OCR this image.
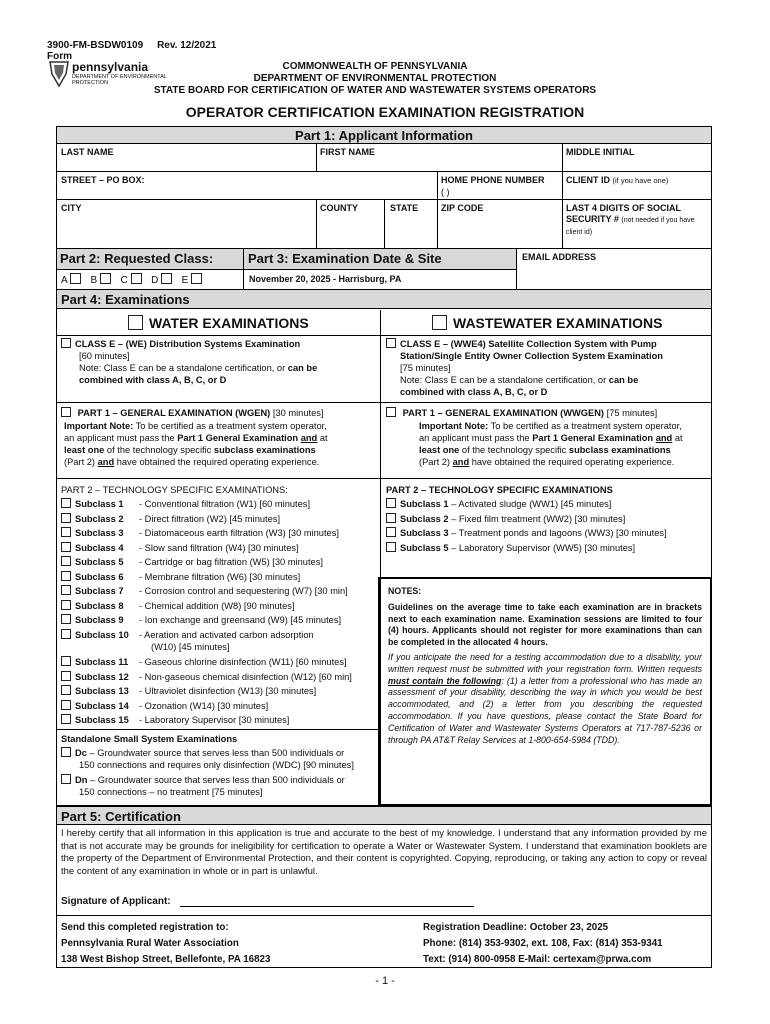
3900-FM-BSDW0109 Rev. 12/2021
Form
pennsylvania
DEPARTMENT OF ENVIRONMENTAL
PROTECTION
COMMONWEALTH OF PENNSYLVANIA
DEPARTMENT OF ENVIRONMENTAL PROTECTION
STATE BOARD FOR CERTIFICATION OF WATER AND WASTEWATER SYSTEMS OPERATORS
OPERATOR CERTIFICATION EXAMINATION REGISTRATION
Part 1: Applicant Information
LAST NAME	FIRST NAME	MIDDLE INITIAL
STREET – PO BOX:	HOME PHONE NUMBER
( )
CLIENT ID (if you have one)
CITY	COUNTY	STATE	ZIP CODE	LAST 4 DIGITS OF SOCIAL SECURITY # (not needed if you have client id)
Part 2: Requested Class:	Part 3: Examination Date & Site
A B C D E	November 20, 2025 - Harrisburg, PA
EMAIL ADDRESS
Part 4: Examinations
WATER EXAMINATIONS	WASTEWATER EXAMINATIONS
CLASS E – (WE) Distribution Systems Examination
[60 minutes]
Note: Class E can be a standalone certification, or can be
combined with class A, B, C, or D
CLASS E – (WWE4) Satellite Collection System with Pump
Station/Single Entity Owner Collection System Examination
[75 minutes]
Note: Class E can be a standalone certification, or can be
combined with class A, B, C, or D
PART 1 – GENERAL EXAMINATION (WGEN) [30 minutes]
Important Note: To be certified as a treatment system operator,
an applicant must pass the Part 1 General Examination and at
least one of the technology specific subclass examinations
(Part 2) and have obtained the required operating experience.
PART 1 – GENERAL EXAMINATION (WWGEN) [75 minutes]
Important Note: To be certified as a treatment system operator,
an applicant must pass the Part 1 General Examination and at
least one of the technology specific subclass examinations
(Part 2) and have obtained the required operating experience.
PART 2 – TECHNOLOGY SPECIFIC EXAMINATIONS:
Subclass 1 - Conventional filtration (W1) [60 minutes]
Subclass 2 - Direct filtration (W2) [45 minutes]
Subclass 3 - Diatomaceous earth filtration (W3) [30 minutes]
Subclass 4 - Slow sand filtration (W4) [30 minutes]
Subclass 5 - Cartridge or bag filtration (W5) [30 minutes]
Subclass 6 - Membrane filtration (W6) [30 minutes]
Subclass 7 - Corrosion control and sequestering (W7) [30 min]
Subclass 8 - Chemical addition (W8) [90 minutes]
Subclass 9 - Ion exchange and greensand (W9) [45 minutes]
Subclass 10 - Aeration and activated carbon adsorption
(W10) [45 minutes]
Subclass 11 - Gaseous chlorine disinfection (W11) [60 minutes]
Subclass 12 - Non-gaseous chemical disinfection (W12) [60 min]
Subclass 13 - Ultraviolet disinfection (W13) [30 minutes]
Subclass 14 - Ozonation (W14) [30 minutes]
Subclass 15 - Laboratory Supervisor [30 minutes]
PART 2 – TECHNOLOGY SPECIFIC EXAMINATIONS
Subclass 1 – Activated sludge (WW1) [45 minutes]
Subclass 2 – Fixed film treatment (WW2) [30 minutes]
Subclass 3 – Treatment ponds and lagoons (WW3) [30 minutes]
Subclass 5 – Laboratory Supervisor (WW5) [30 minutes]
Standalone Small System Examinations
Dc – Groundwater source that serves less than 500 individuals or
150 connections and requires only disinfection (WDC) [90 minutes]
Dn – Groundwater source that serves less than 500 individuals or
150 connections – no treatment [75 minutes]
NOTES:
Guidelines on the average time to take each examination are in brackets next to each examination name. Examination sessions are limited to four (4) hours. Applicants should not register for more examinations than can be completed in the allocated 4 hours.
If you anticipate the need for a testing accommodation due to a disability, your written request must be submitted with your registration form. Written requests must contain the following: (1) a letter from a professional who has made an assessment of your disability, describing the way in which you would be best accommodated, and (2) a letter from you describing the requested accommodation. If you have questions, please contact the State Board for Certification of Water and Wastewater Systems Operators at 717-787-5236 or through PA AT&T Relay Services at 1-800-654-5984 (TDD).
Part 5: Certification
I hereby certify that all information in this application is true and accurate to the best of my knowledge. I understand that any information provided by me that is not accurate may be grounds for ineligibility for certification to operate a Water or Wastewater System. I understand that examination booklets are the property of the Department of Environmental Protection, and their content is copyrighted. Copying, reproducing, or taking any action to copy or reveal the content of any examination in whole or in part is unlawful.
Signature of Applicant:
Send this completed registration to:
Pennsylvania Rural Water Association
138 West Bishop Street, Bellefonte, PA 16823
Registration Deadline: October 23, 2025
Phone: (814) 353-9302, ext. 108, Fax: (814) 353-9341
Text: (914) 800-0958 E-Mail: certexam@prwa.com
- 1 -
